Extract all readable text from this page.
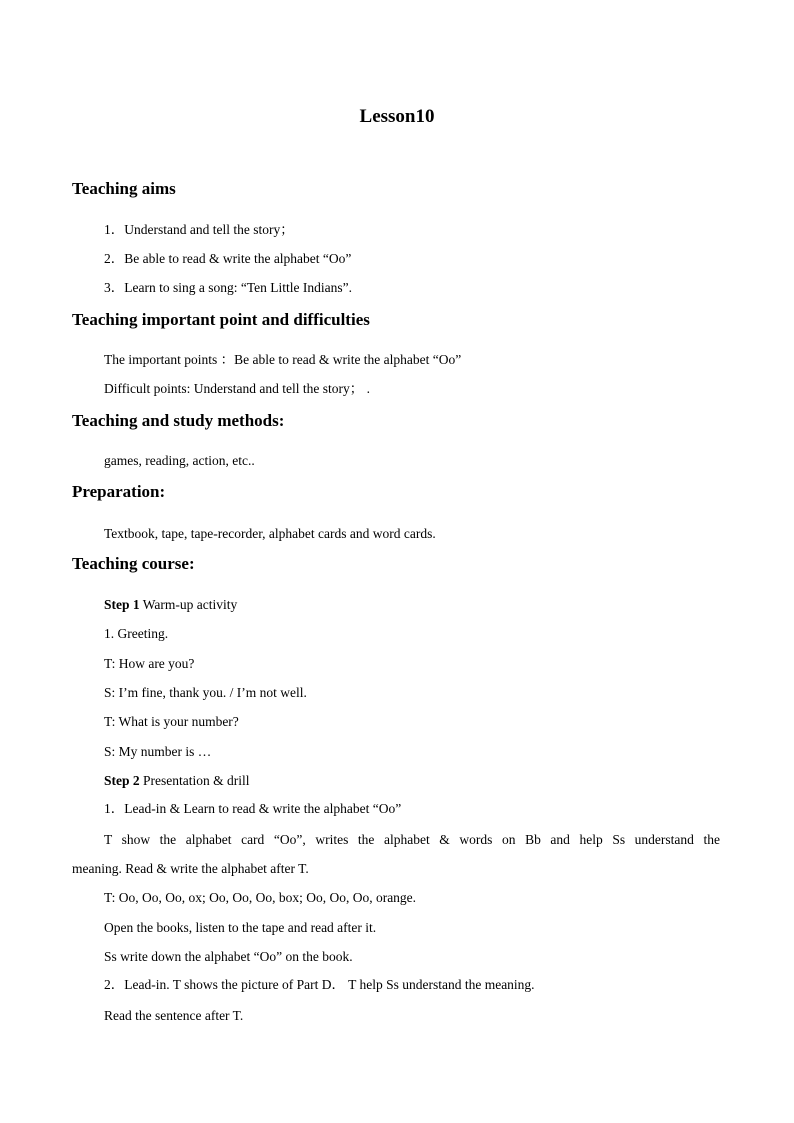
Lesson10
Teaching aims
1．Understand and tell the story；
2．Be able to read & write the alphabet “Oo”
3．Learn to sing a song: “Ten Little Indians”.
Teaching important point and difficulties
The important points ：Be able to read & write the alphabet “Oo”
Difficult points: Understand and tell the story； .
Teaching and study methods:
games, reading, action, etc..
Preparation:
Textbook, tape, tape-recorder, alphabet cards and word cards.
Teaching course:
Step 1 Warm-up activity
1. Greeting.
T: How are you?
S: I’m fine, thank you. / I’m not well.
T: What is your number?
S: My number is …
Step 2 Presentation & drill
1．Lead-in & Learn to read & write the alphabet “Oo”
T show the alphabet card “Oo”, writes the alphabet & words on Bb and help Ss understand the
meaning. Read & write the alphabet after T.
T: Oo, Oo, Oo, ox; Oo, Oo, Oo, box; Oo, Oo, Oo, orange.
Open the books, listen to the tape and read after it.
Ss write down the alphabet “Oo” on the book.
2．Lead-in. T shows the picture of Part D． T help Ss understand the meaning.
Read the sentence after T.
